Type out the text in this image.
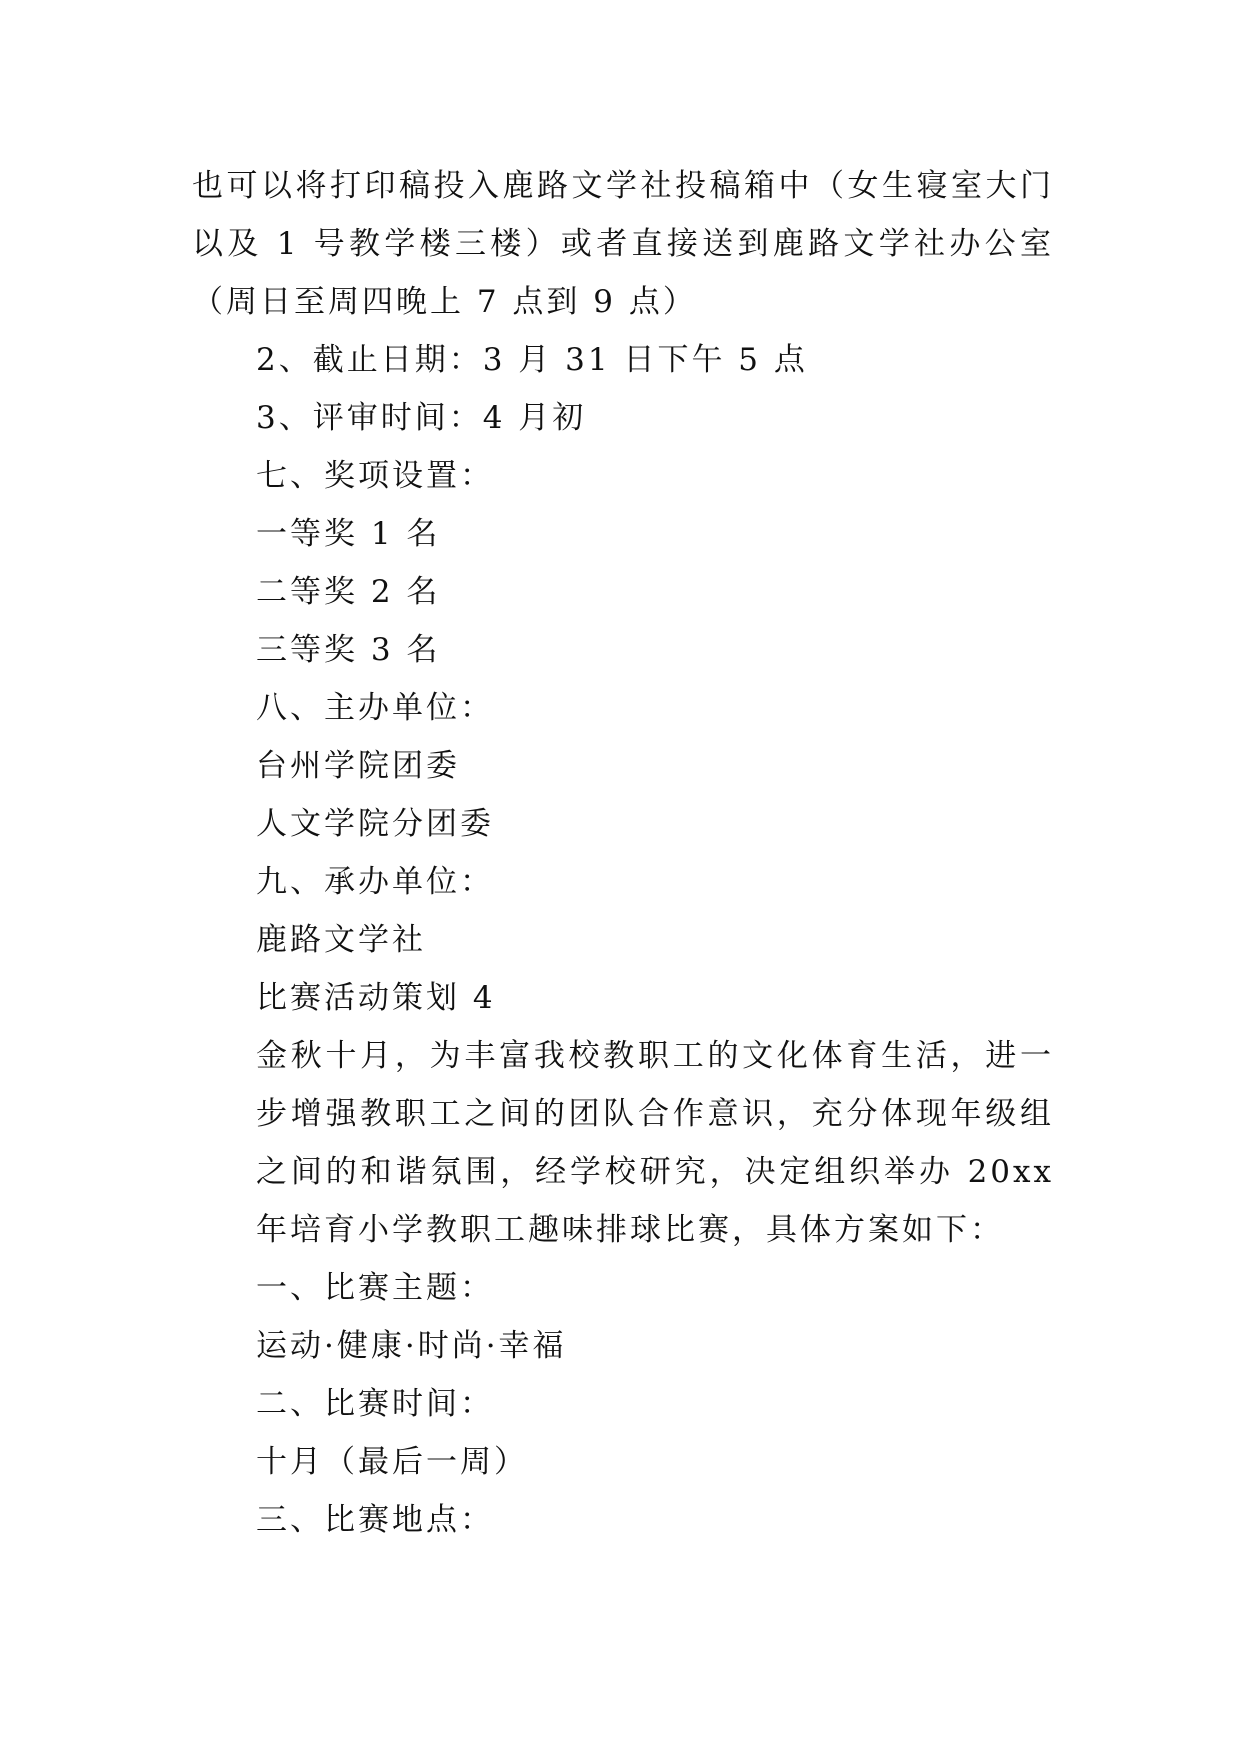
也可以将打印稿投入鹿路文学社投稿箱中（女生寝室大门以及 1 号教学楼三楼）或者直接送到鹿路文学社办公室（周日至周四晚上 7 点到 9 点）

2、截止日期：3 月 31 日下午 5 点

3、评审时间：4 月初

七、奖项设置：

一等奖 1 名

二等奖 2 名

三等奖 3 名

八、主办单位：

台州学院团委

人文学院分团委

九、承办单位：

鹿路文学社

比赛活动策划 4

金秋十月，为丰富我校教职工的文化体育生活，进一步增强教职工之间的团队合作意识，充分体现年级组之间的和谐氛围，经学校研究，决定组织举办 20xx 年培育小学教职工趣味排球比赛，具体方案如下：

一、比赛主题：

运动·健康·时尚·幸福

二、比赛时间：

十月（最后一周）

三、比赛地点：
